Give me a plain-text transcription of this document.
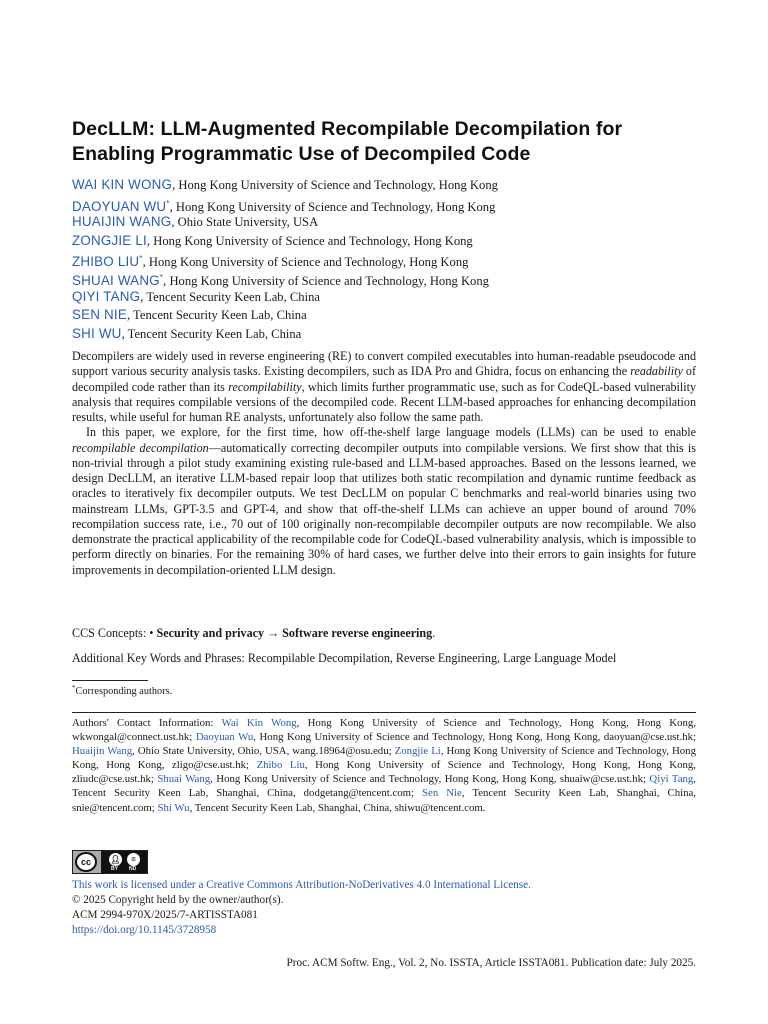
DecLLM: LLM-Augmented Recompilable Decompilation for Enabling Programmatic Use of Decompiled Code
WAI KIN WONG, Hong Kong University of Science and Technology, Hong Kong
DAOYUAN WU*, Hong Kong University of Science and Technology, Hong Kong
HUAIJIN WANG, Ohio State University, USA
ZONGJIE LI, Hong Kong University of Science and Technology, Hong Kong
ZHIBO LIU*, Hong Kong University of Science and Technology, Hong Kong
SHUAI WANG*, Hong Kong University of Science and Technology, Hong Kong
QIYI TANG, Tencent Security Keen Lab, China
SEN NIE, Tencent Security Keen Lab, China
SHI WU, Tencent Security Keen Lab, China

Decompilers are widely used in reverse engineering (RE) to convert compiled executables into human-readable pseudocode and support various security analysis tasks. Existing decompilers, such as IDA Pro and Ghidra, focus on enhancing the readability of decompiled code rather than its recompilability, which limits further programmatic use, such as for CodeQL-based vulnerability analysis that requires compilable versions of the decompiled code. Recent LLM-based approaches for enhancing decompilation results, while useful for human RE analysts, unfortunately also follow the same path.

In this paper, we explore, for the first time, how off-the-shelf large language models (LLMs) can be used to enable recompilable decompilation—automatically correcting decompiler outputs into compilable versions. We first show that this is non-trivial through a pilot study examining existing rule-based and LLM-based approaches. Based on the lessons learned, we design DecLLM, an iterative LLM-based repair loop that utilizes both static recompilation and dynamic runtime feedback as oracles to iteratively fix decompiler outputs. We test DecLLM on popular C benchmarks and real-world binaries using two mainstream LLMs, GPT-3.5 and GPT-4, and show that off-the-shelf LLMs can achieve an upper bound of around 70% recompilation success rate, i.e., 70 out of 100 originally non-recompilable decompiler outputs are now recompilable. We also demonstrate the practical applicability of the recompilable code for CodeQL-based vulnerability analysis, which is impossible to perform directly on binaries. For the remaining 30% of hard cases, we further delve into their errors to gain insights for future improvements in decompilation-oriented LLM design.

CCS Concepts: • Security and privacy → Software reverse engineering.
Additional Key Words and Phrases: Recompilable Decompilation, Reverse Engineering, Large Language Model
*Corresponding authors.
Authors' Contact Information: Wai Kin Wong, Hong Kong University of Science and Technology, Hong Kong, Hong Kong, wkwongal@connect.ust.hk; Daoyuan Wu, Hong Kong University of Science and Technology, Hong Kong, Hong Kong, daoyuan@cse.ust.hk; Huaijin Wang, Ohio State University, Ohio, USA, wang.18964@osu.edu; Zongjie Li, Hong Kong University of Science and Technology, Hong Kong, Hong Kong, zligo@cse.ust.hk; Zhibo Liu, Hong Kong University of Science and Technology, Hong Kong, Hong Kong, zliudc@cse.ust.hk; Shuai Wang, Hong Kong University of Science and Technology, Hong Kong, Hong Kong, shuaiw@cse.ust.hk; Qiyi Tang, Tencent Security Keen Lab, Shanghai, China, dodgetang@tencent.com; Sen Nie, Tencent Security Keen Lab, Shanghai, China, snie@tencent.com; Shi Wu, Tencent Security Keen Lab, Shanghai, China, shiwu@tencent.com.
cc	👤︎	=
BY ND
This work is licensed under a Creative Commons Attribution-NoDerivatives 4.0 International License.
© 2025 Copyright held by the owner/author(s).
ACM 2994-970X/2025/7-ARTISSTA081
https://doi.org/10.1145/3728958
Proc. ACM Softw. Eng., Vol. 2, No. ISSTA, Article ISSTA081. Publication date: July 2025.
